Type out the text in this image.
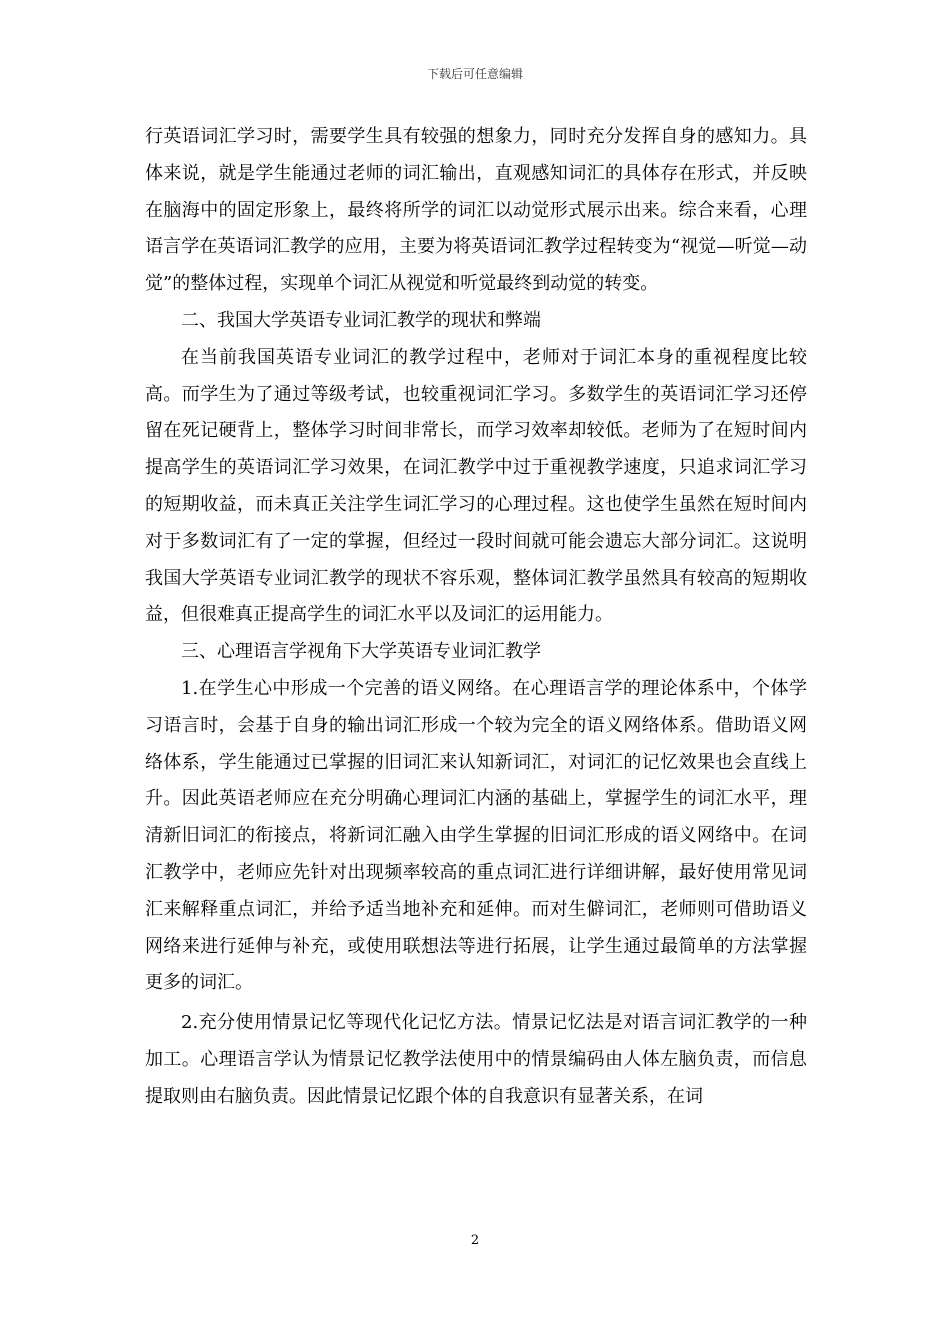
下载后可任意编辑

行英语词汇学习时，需要学生具有较强的想象力，同时充分发挥自身的感知力。具体来说，就是学生能通过老师的词汇输出，直观感知词汇的具体存在形式，并反映在脑海中的固定形象上，最终将所学的词汇以动觉形式展示出来。综合来看，心理语言学在英语词汇教学的应用，主要为将英语词汇教学过程转变为“视觉—听觉—动觉”的整体过程，实现单个词汇从视觉和听觉最终到动觉的转变。

二、我国大学英语专业词汇教学的现状和弊端

在当前我国英语专业词汇的教学过程中，老师对于词汇本身的重视程度比较高。而学生为了通过等级考试，也较重视词汇学习。多数学生的英语词汇学习还停留在死记硬背上，整体学习时间非常长，而学习效率却较低。老师为了在短时间内提高学生的英语词汇学习效果，在词汇教学中过于重视教学速度，只追求词汇学习的短期收益，而未真正关注学生词汇学习的心理过程。这也使学生虽然在短时间内对于多数词汇有了一定的掌握，但经过一段时间就可能会遗忘大部分词汇。这说明我国大学英语专业词汇教学的现状不容乐观，整体词汇教学虽然具有较高的短期收益，但很难真正提高学生的词汇水平以及词汇的运用能力。

三、心理语言学视角下大学英语专业词汇教学

1.在学生心中形成一个完善的语义网络。在心理语言学的理论体系中，个体学习语言时，会基于自身的输出词汇形成一个较为完全的语义网络体系。借助语义网络体系，学生能通过已掌握的旧词汇来认知新词汇，对词汇的记忆效果也会直线上升。因此英语老师应在充分明确心理词汇内涵的基础上，掌握学生的词汇水平，理清新旧词汇的衔接点，将新词汇融入由学生掌握的旧词汇形成的语义网络中。在词汇教学中，老师应先针对出现频率较高的重点词汇进行详细讲解，最好使用常见词汇来解释重点词汇，并给予适当地补充和延伸。而对生僻词汇，老师则可借助语义网络来进行延伸与补充，或使用联想法等进行拓展，让学生通过最简单的方法掌握更多的词汇。

2.充分使用情景记忆等现代化记忆方法。情景记忆法是对语言词汇教学的一种加工。心理语言学认为情景记忆教学法使用中的情景编码由人体左脑负责，而信息提取则由右脑负责。因此情景记忆跟个体的自我意识有显著关系，在词

2
